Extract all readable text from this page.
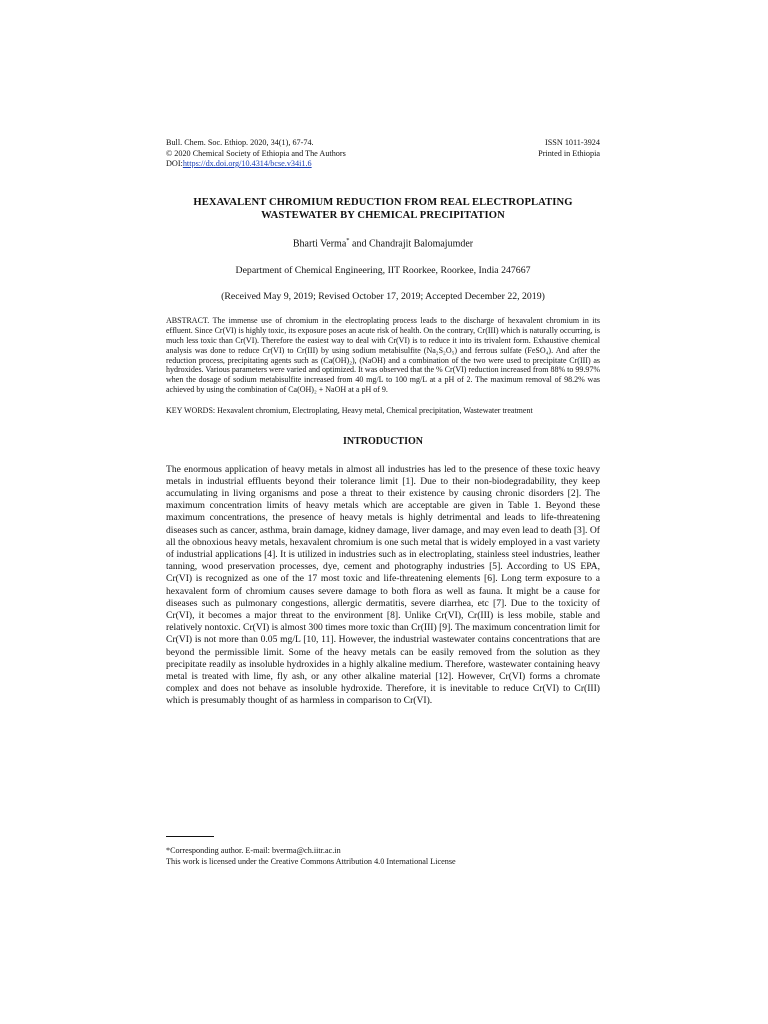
Bull. Chem. Soc. Ethiop. 2020, 34(1), 67-74.
© 2020 Chemical Society of Ethiopia and The Authors
DOI:https://dx.doi.org/10.4314/bcse.v34i1.6
ISSN 1011-3924
Printed in Ethiopia
HEXAVALENT CHROMIUM REDUCTION FROM REAL ELECTROPLATING
WASTEWATER BY CHEMICAL PRECIPITATION
Bharti Verma* and Chandrajit Balomajumder
Department of Chemical Engineering, IIT Roorkee, Roorkee, India 247667
(Received May 9, 2019; Revised October 17, 2019; Accepted December 22, 2019)
ABSTRACT. The immense use of chromium in the electroplating process leads to the discharge of hexavalent chromium in its effluent. Since Cr(VI) is highly toxic, its exposure poses an acute risk of health. On the contrary, Cr(III) which is naturally occurring, is much less toxic than Cr(VI). Therefore the easiest way to deal with Cr(VI) is to reduce it into its trivalent form. Exhaustive chemical analysis was done to reduce Cr(VI) to Cr(III) by using sodium metabisulfite (Na₂S₂O₅) and ferrous sulfate (FeSO₄). And after the reduction process, precipitating agents such as (Ca(OH)₂), (NaOH) and a combination of the two were used to precipitate Cr(III) as hydroxides. Various parameters were varied and optimized. It was observed that the % Cr(VI) reduction increased from 88% to 99.97% when the dosage of sodium metabisulfite increased from 40 mg/L to 100 mg/L at a pH of 2. The maximum removal of 98.2% was achieved by using the combination of Ca(OH)₂ + NaOH at a pH of 9.
KEY WORDS: Hexavalent chromium, Electroplating, Heavy metal, Chemical precipitation, Wastewater treatment
INTRODUCTION
The enormous application of heavy metals in almost all industries has led to the presence of these toxic heavy metals in industrial effluents beyond their tolerance limit [1]. Due to their non-biodegradability, they keep accumulating in living organisms and pose a threat to their existence by causing chronic disorders [2]. The maximum concentration limits of heavy metals which are acceptable are given in Table 1. Beyond these maximum concentrations, the presence of heavy metals is highly detrimental and leads to life-threatening diseases such as cancer, asthma, brain damage, kidney damage, liver damage, and may even lead to death [3]. Of all the obnoxious heavy metals, hexavalent chromium is one such metal that is widely employed in a vast variety of industrial applications [4]. It is utilized in industries such as in electroplating, stainless steel industries, leather tanning, wood preservation processes, dye, cement and photography industries [5]. According to US EPA, Cr(VI) is recognized as one of the 17 most toxic and life-threatening elements [6]. Long term exposure to a hexavalent form of chromium causes severe damage to both flora as well as fauna. It might be a cause for diseases such as pulmonary congestions, allergic dermatitis, severe diarrhea, etc [7]. Due to the toxicity of Cr(VI), it becomes a major threat to the environment [8]. Unlike Cr(VI), Cr(III) is less mobile, stable and relatively nontoxic. Cr(VI) is almost 300 times more toxic than Cr(III) [9]. The maximum concentration limit for Cr(VI) is not more than 0.05 mg/L [10, 11]. However, the industrial wastewater contains concentrations that are beyond the permissible limit. Some of the heavy metals can be easily removed from the solution as they precipitate readily as insoluble hydroxides in a highly alkaline medium. Therefore, wastewater containing heavy metal is treated with lime, fly ash, or any other alkaline material [12]. However, Cr(VI) forms a chromate complex and does not behave as insoluble hydroxide. Therefore, it is inevitable to reduce Cr(VI) to Cr(III) which is presumably thought of as harmless in comparison to Cr(VI).
*Corresponding author. E-mail: bverma@ch.iitr.ac.in
This work is licensed under the Creative Commons Attribution 4.0 International License
